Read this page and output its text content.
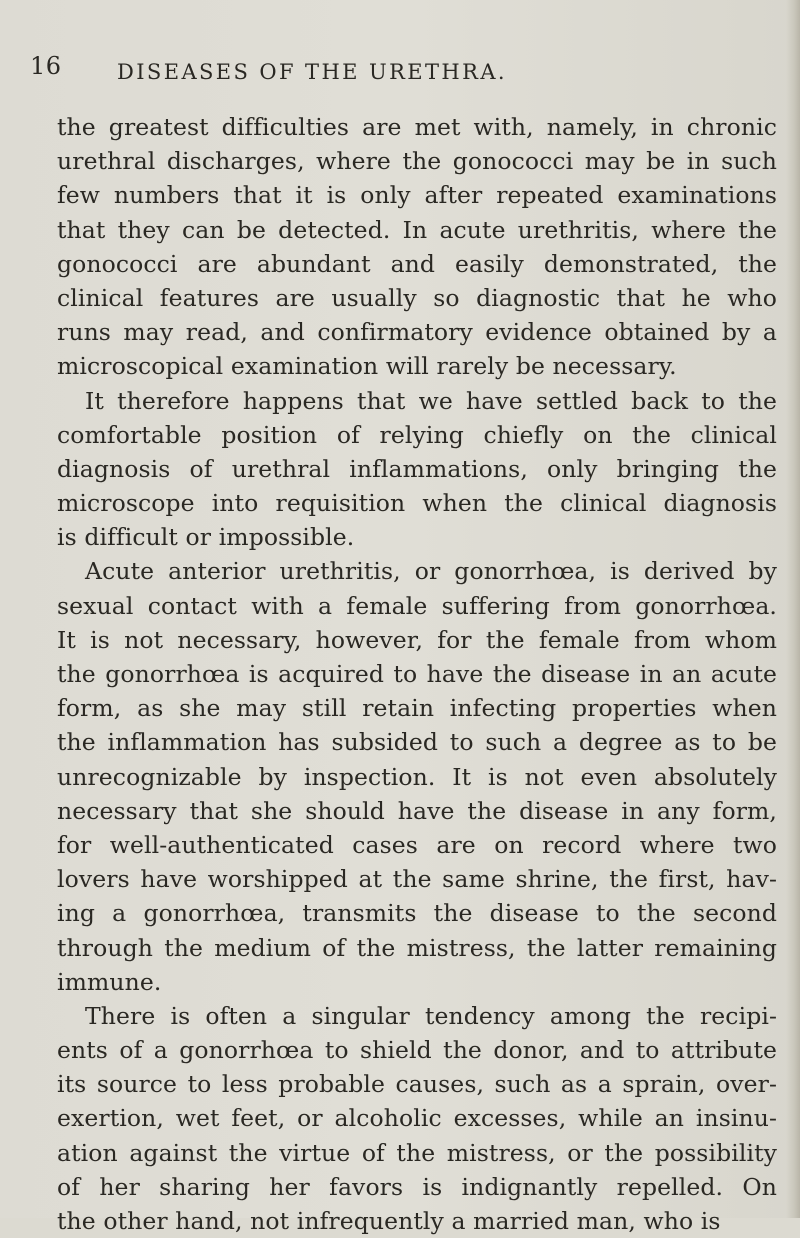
16	DISEASES OF THE URETHRA.
the greatest difficulties are met with, namely, in chronic
urethral discharges, where the gonococci may be in such
few numbers that it is only after repeated examinations
that they can be detected. In acute urethritis, where the
gonococci are abundant and easily demonstrated, the
clinical features are usually so diagnostic that he who
runs may read, and confirmatory evidence obtained by a
microscopical examination will rarely be necessary.
It therefore happens that we have settled back to the
comfortable position of relying chiefly on the clinical
diagnosis of urethral inflammations, only bringing the
microscope into requisition when the clinical diagnosis
is difficult or impossible.
Acute anterior urethritis, or gonorrhœa, is derived by
sexual contact with a female suffering from gonorrhœa.
It is not necessary, however, for the female from whom
the gonorrhœa is acquired to have the disease in an acute
form, as she may still retain infecting properties when
the inflammation has subsided to such a degree as to be
unrecognizable by inspection. It is not even absolutely
necessary that she should have the disease in any form,
for well-authenticated cases are on record where two
lovers have worshipped at the same shrine, the first, hav-
ing a gonorrhœa, transmits the disease to the second
through the medium of the mistress, the latter remaining
immune.
There is often a singular tendency among the recipi-
ents of a gonorrhœa to shield the donor, and to attribute
its source to less probable causes, such as a sprain, over-
exertion, wet feet, or alcoholic excesses, while an insinu-
ation against the virtue of the mistress, or the possibility
of her sharing her favors is indignantly repelled. On
the other hand, not infrequently a married man, who is
